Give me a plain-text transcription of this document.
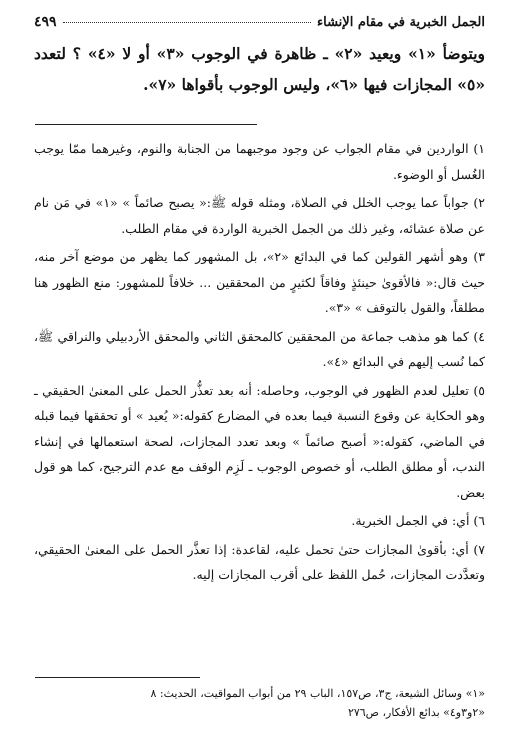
الجمل الخبرية في مقام الإنشاء
٤٩٩

ويتوضأ «١» ويعيد «٢» ـ ظاهرة في الوجوب «٣» أو لا «٤» ؟ لتعدد «٥» المجازات فيها «٦»، وليس الوجوب بأقواها «٧».

١) الواردين في مقام الجواب عن وجود موجبهما من الجنابة والنوم، وغيرهما ممّا يوجب الغُسل أو الوضوء.

٢) جواباً عما يوجب الخلل في الصلاة، ومثله قوله ﷺ:« يصبح صائماً » «١» في مَن نام عن صلاة عشائه، وغير ذلك من الجمل الخبرية الواردة في مقام الطلب.

٣) وهو أشهر القولين كما في البدائع «٢»، بل المشهور كما يظهر من موضع آخر منه، حيث قال:« فالأقوىٰ حينئذٍ وفاقاً لكثيرٍ من المحققين ... خلافاً للمشهور: منع الظهور هنا مطلقاً، والقول بالتوقف » «٣».

٤) كما هو مذهب جماعة من المحققين كالمحقق الثاني والمحقق الأردبيلي والنراقي ﷺ، كما نُسب إليهم في البدائع «٤».

٥) تعليل لعدم الظهور في الوجوب، وحاصله: أنه بعد تعذُّر الحمل على المعنىٰ الحقيقي ـ وهو الحكاية عن وقوع النسبة فيما بعده في المضارع كقوله:« يُعيد » أو تحققها فيما قبله في الماضي، كقوله:« أصبح صائماً » وبعد تعدد المجازات، لصحة استعمالها في إنشاء الندب، أو مطلق الطلب، أو خصوص الوجوب ـ لَزِم الوقف مع عدم الترجيح، كما هو قول بعض.

٦) أي: في الجمل الخبرية.

٧) أي: بأقوىٰ المجازات حتىٰ تحمل عليه، لقاعدة: إذا تعذَّر الحمل على المعنىٰ الحقيقي، وتعدَّدت المجازات، حُمل اللفظ على أقرب المجازات إليه.

«١» وسائل الشيعة، ج٣، ص١٥٧، الباب ٢٩ من أبواب المواقيت، الحديث: ٨

«٢و٣و٤» بدائع الأفكار، ص٢٧٦
